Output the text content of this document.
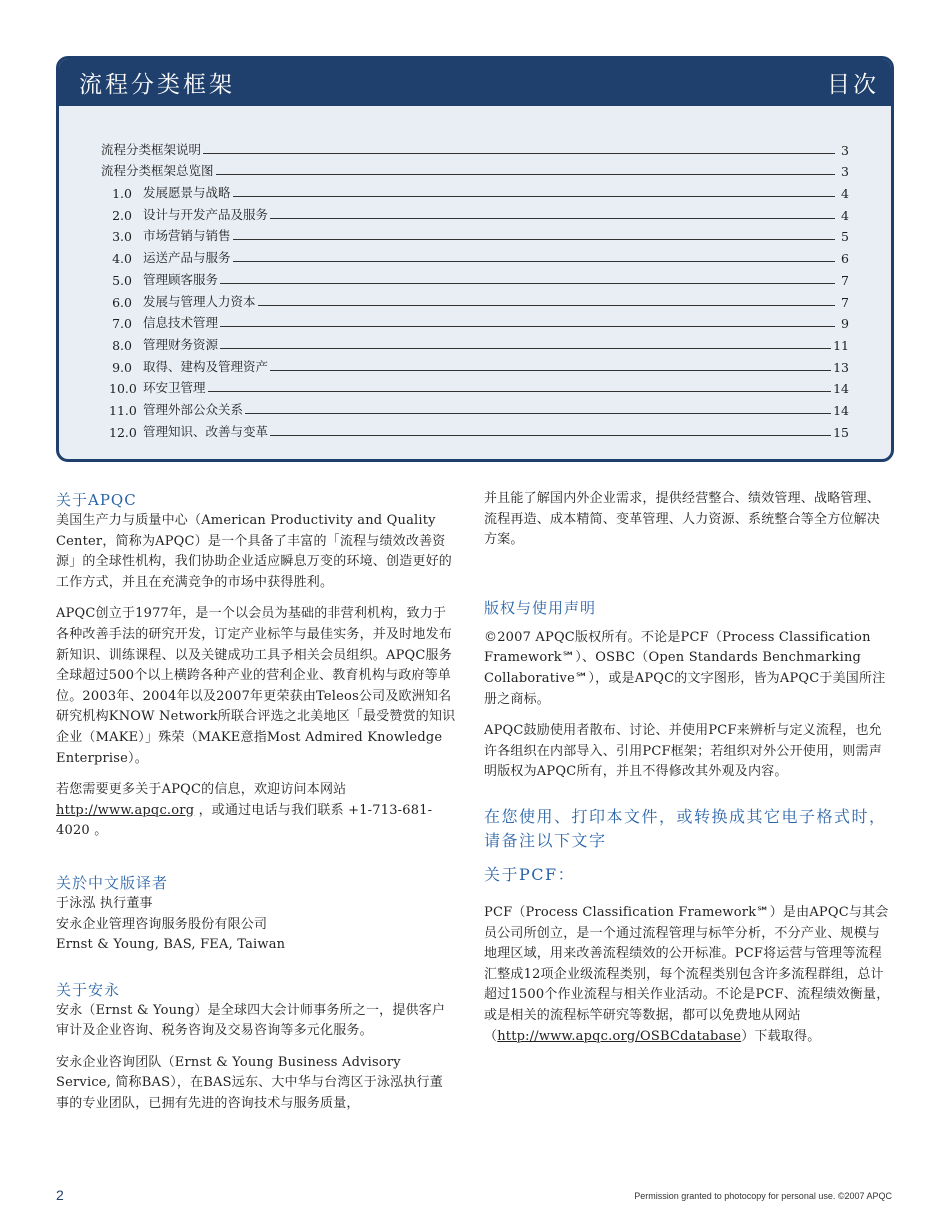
流程分类框架	目次
流程分类框架说明	3
流程分类框架总览图	3
1.0 发展愿景与战略	4
2.0 设计与开发产品及服务	4
3.0 市场营销与销售	5
4.0 运送产品与服务	6
5.0 管理顾客服务	7
6.0 发展与管理人力资本	7
7.0 信息技术管理	9
8.0 管理财务资源	11
9.0 取得、建构及管理资产	13
10.0 环安卫管理	14
11.0 管理外部公众关系	14
12.0 管理知识、改善与变革	15
关于APQC

美国生产力与质量中心（American Productivity and Quality Center，简称为APQC）是一个具备了丰富的「流程与绩效改善资源」的全球性机构，我们协助企业适应瞬息万变的环境、创造更好的工作方式，并且在充满竞争的市场中获得胜利。

APQC创立于1977年，是一个以会员为基础的非营利机构，致力于各种改善手法的研究开发，订定产业标竿与最佳实务，并及时地发布新知识、训练课程、以及关键成功工具予相关会员组织。APQC服务全球超过500个以上横跨各种产业的营利企业、教育机构与政府等单位。2003年、2004年以及2007年更荣获由Teleos公司及欧洲知名研究机构KNOW Network所联合评选之北美地区「最受赞赏的知识企业（MAKE）」殊荣（MAKE意指Most Admired Knowledge Enterprise）。

若您需要更多关于APQC的信息，欢迎访问本网站 http://www.apqc.org ，或通过电话与我们联系 +1-713-681-4020 。

关於中文版译者

于泳泓 执行董事

安永企业管理咨询服务股份有限公司

Ernst & Young, BAS, FEA, Taiwan

关于安永

安永（Ernst & Young）是全球四大会计师事务所之一，提供客户审计及企业咨询、税务咨询及交易咨询等多元化服务。

安永企业咨询团队（Ernst & Young Business Advisory Service, 简称BAS），在BAS远东、大中华与台湾区于泳泓执行董事的专业团队，已拥有先进的咨询技术与服务质量，

并且能了解国内外企业需求，提供经营整合、绩效管理、战略管理、流程再造、成本精简、变革管理、人力资源、系统整合等全方位解决方案。

版权与使用声明

©2007 APQC版权所有。不论是PCF（Process Classification Framework℠）、OSBC（Open Standards Benchmarking Collaborative℠），或是APQC的文字图形，皆为APQC于美国所注册之商标。

APQC鼓励使用者散布、讨论、并使用PCF来辨析与定义流程，也允许各组织在内部导入、引用PCF框架；若组织对外公开使用，则需声明版权为APQC所有，并且不得修改其外观及内容。

在您使用、打印本文件，或转换成其它电子格式时，请备注以下文字
关于PCF：

PCF（Process Classification Framework℠）是由APQC与其会员公司所创立，是一个通过流程管理与标竿分析，不分产业、规模与地理区域，用来改善流程绩效的公开标准。PCF将运营与管理等流程汇整成12项企业级流程类别，每个流程类别包含许多流程群组，总计超过1500个作业流程与相关作业活动。不论是PCF、流程绩效衡量，或是相关的流程标竿研究等数据，都可以免费地从网站（http://www.apqc.org/OSBCdatabase）下载取得。

2	Permission granted to photocopy for personal use. ©2007 APQC
